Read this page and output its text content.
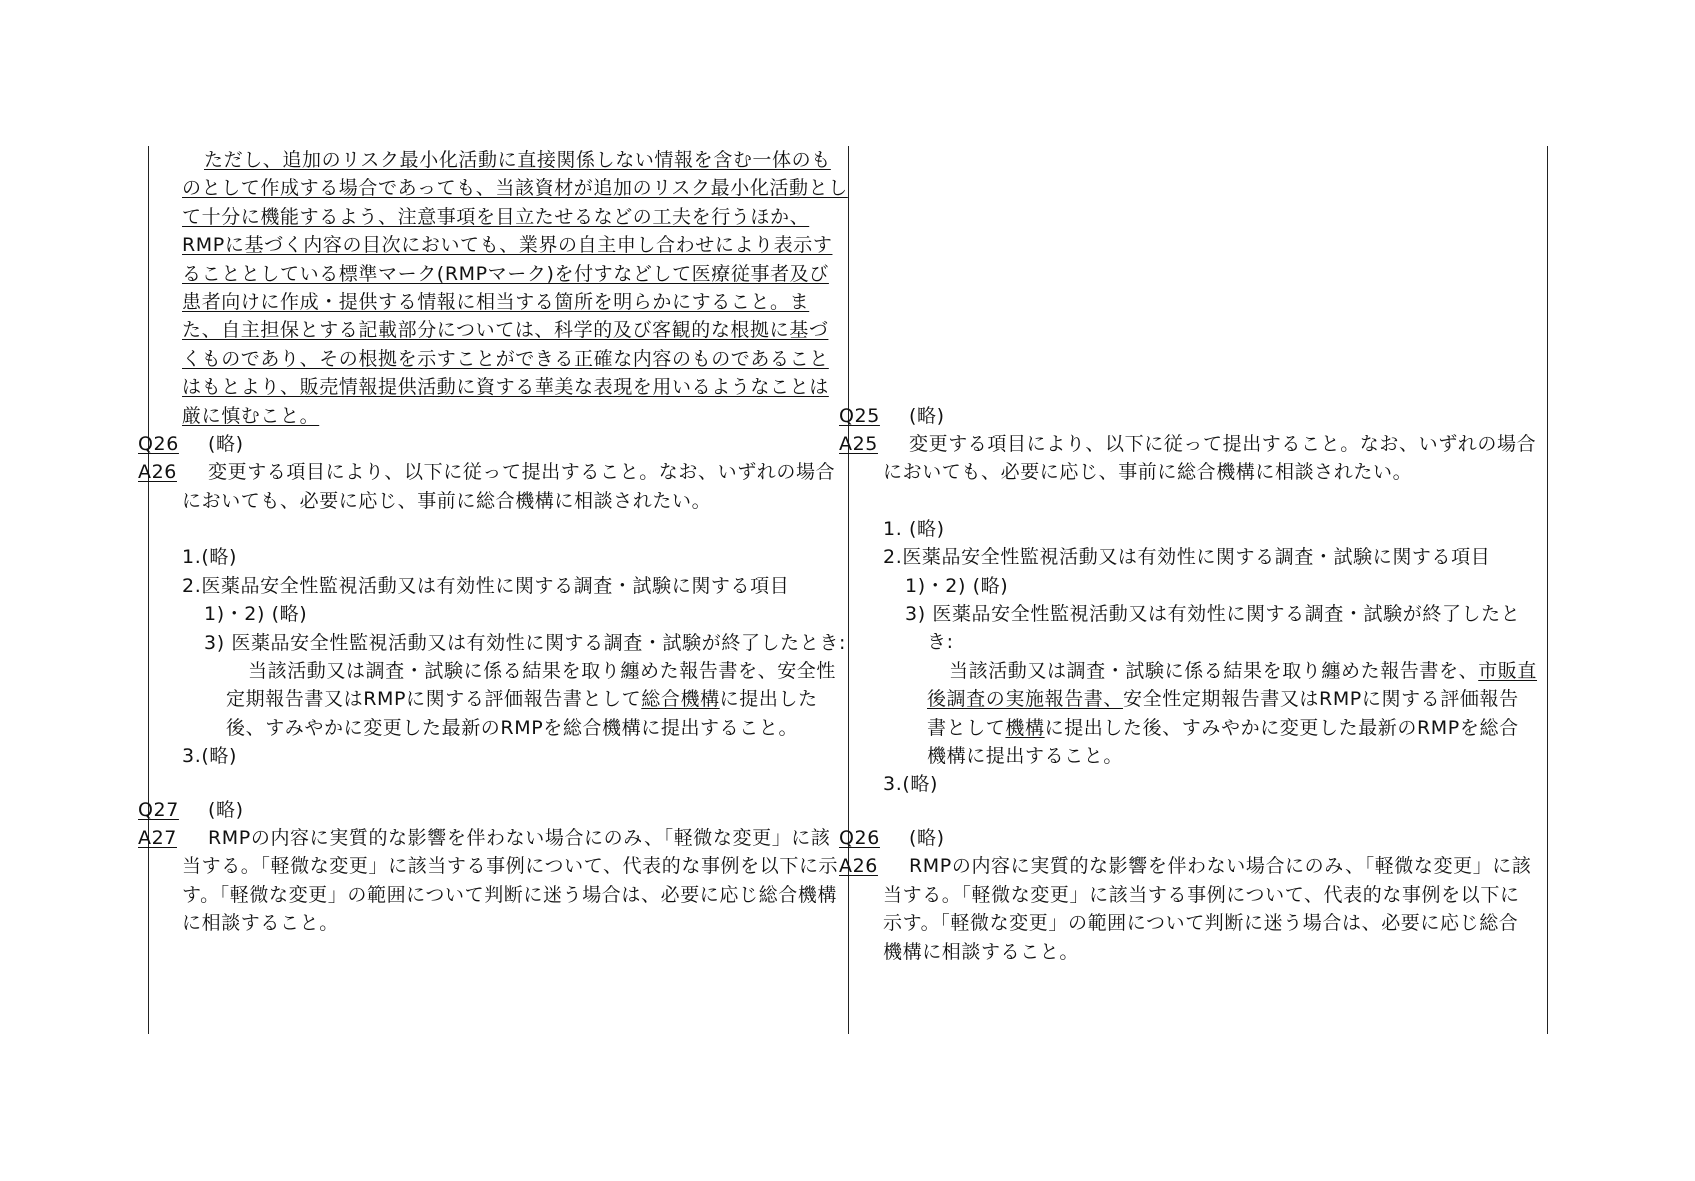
ただし、追加のリスク最小化活動に直接関係しない情報を含む一体のものとして作成する場合であっても、当該資材が追加のリスク最小化活動として十分に機能するよう、注意事項を目立たせるなどの工夫を行うほか、RMPに基づく内容の目次においても、業界の自主申し合わせにより表示することとしている標準マーク(RMPマーク)を付すなどして医療従事者及び患者向けに作成・提供する情報に相当する箇所を明らかにすること。また、自主担保とする記載部分については、科学的及び客観的な根拠に基づくものであり、その根拠を示すことができる正確な内容のものであることはもとより、販売情報提供活動に資する華美な表現を用いるようなことは厳に慎むこと。

Q26 (略)

A26 変更する項目により、以下に従って提出すること。なお、いずれの場合においても、必要に応じ、事前に総合機構に相談されたい。

1.(略)

2.医薬品安全性監視活動又は有効性に関する調査・試験に関する項目

1)・2) (略)

3) 医薬品安全性監視活動又は有効性に関する調査・試験が終了したとき:

当該活動又は調査・試験に係る結果を取り纏めた報告書を、安全性定期報告書又はRMPに関する評価報告書として総合機構に提出した後、すみやかに変更した最新のRMPを総合機構に提出すること。

3.(略)

Q27 (略)

A27 RMPの内容に実質的な影響を伴わない場合にのみ、「軽微な変更」に該当する。「軽微な変更」に該当する事例について、代表的な事例を以下に示す。「軽微な変更」の範囲について判断に迷う場合は、必要に応じ総合機構に相談すること。

Q25 (略)

A25 変更する項目により、以下に従って提出すること。なお、いずれの場合においても、必要に応じ、事前に総合機構に相談されたい。

1. (略)

2.医薬品安全性監視活動又は有効性に関する調査・試験に関する項目

1)・2) (略)

3) 医薬品安全性監視活動又は有効性に関する調査・試験が終了したとき:

当該活動又は調査・試験に係る結果を取り纏めた報告書を、市販直後調査の実施報告書、安全性定期報告書又はRMPに関する評価報告書として機構に提出した後、すみやかに変更した最新のRMPを総合機構に提出すること。

3.(略)

Q26 (略)

A26 RMPの内容に実質的な影響を伴わない場合にのみ、「軽微な変更」に該当する。「軽微な変更」に該当する事例について、代表的な事例を以下に示す。「軽微な変更」の範囲について判断に迷う場合は、必要に応じ総合機構に相談すること。
